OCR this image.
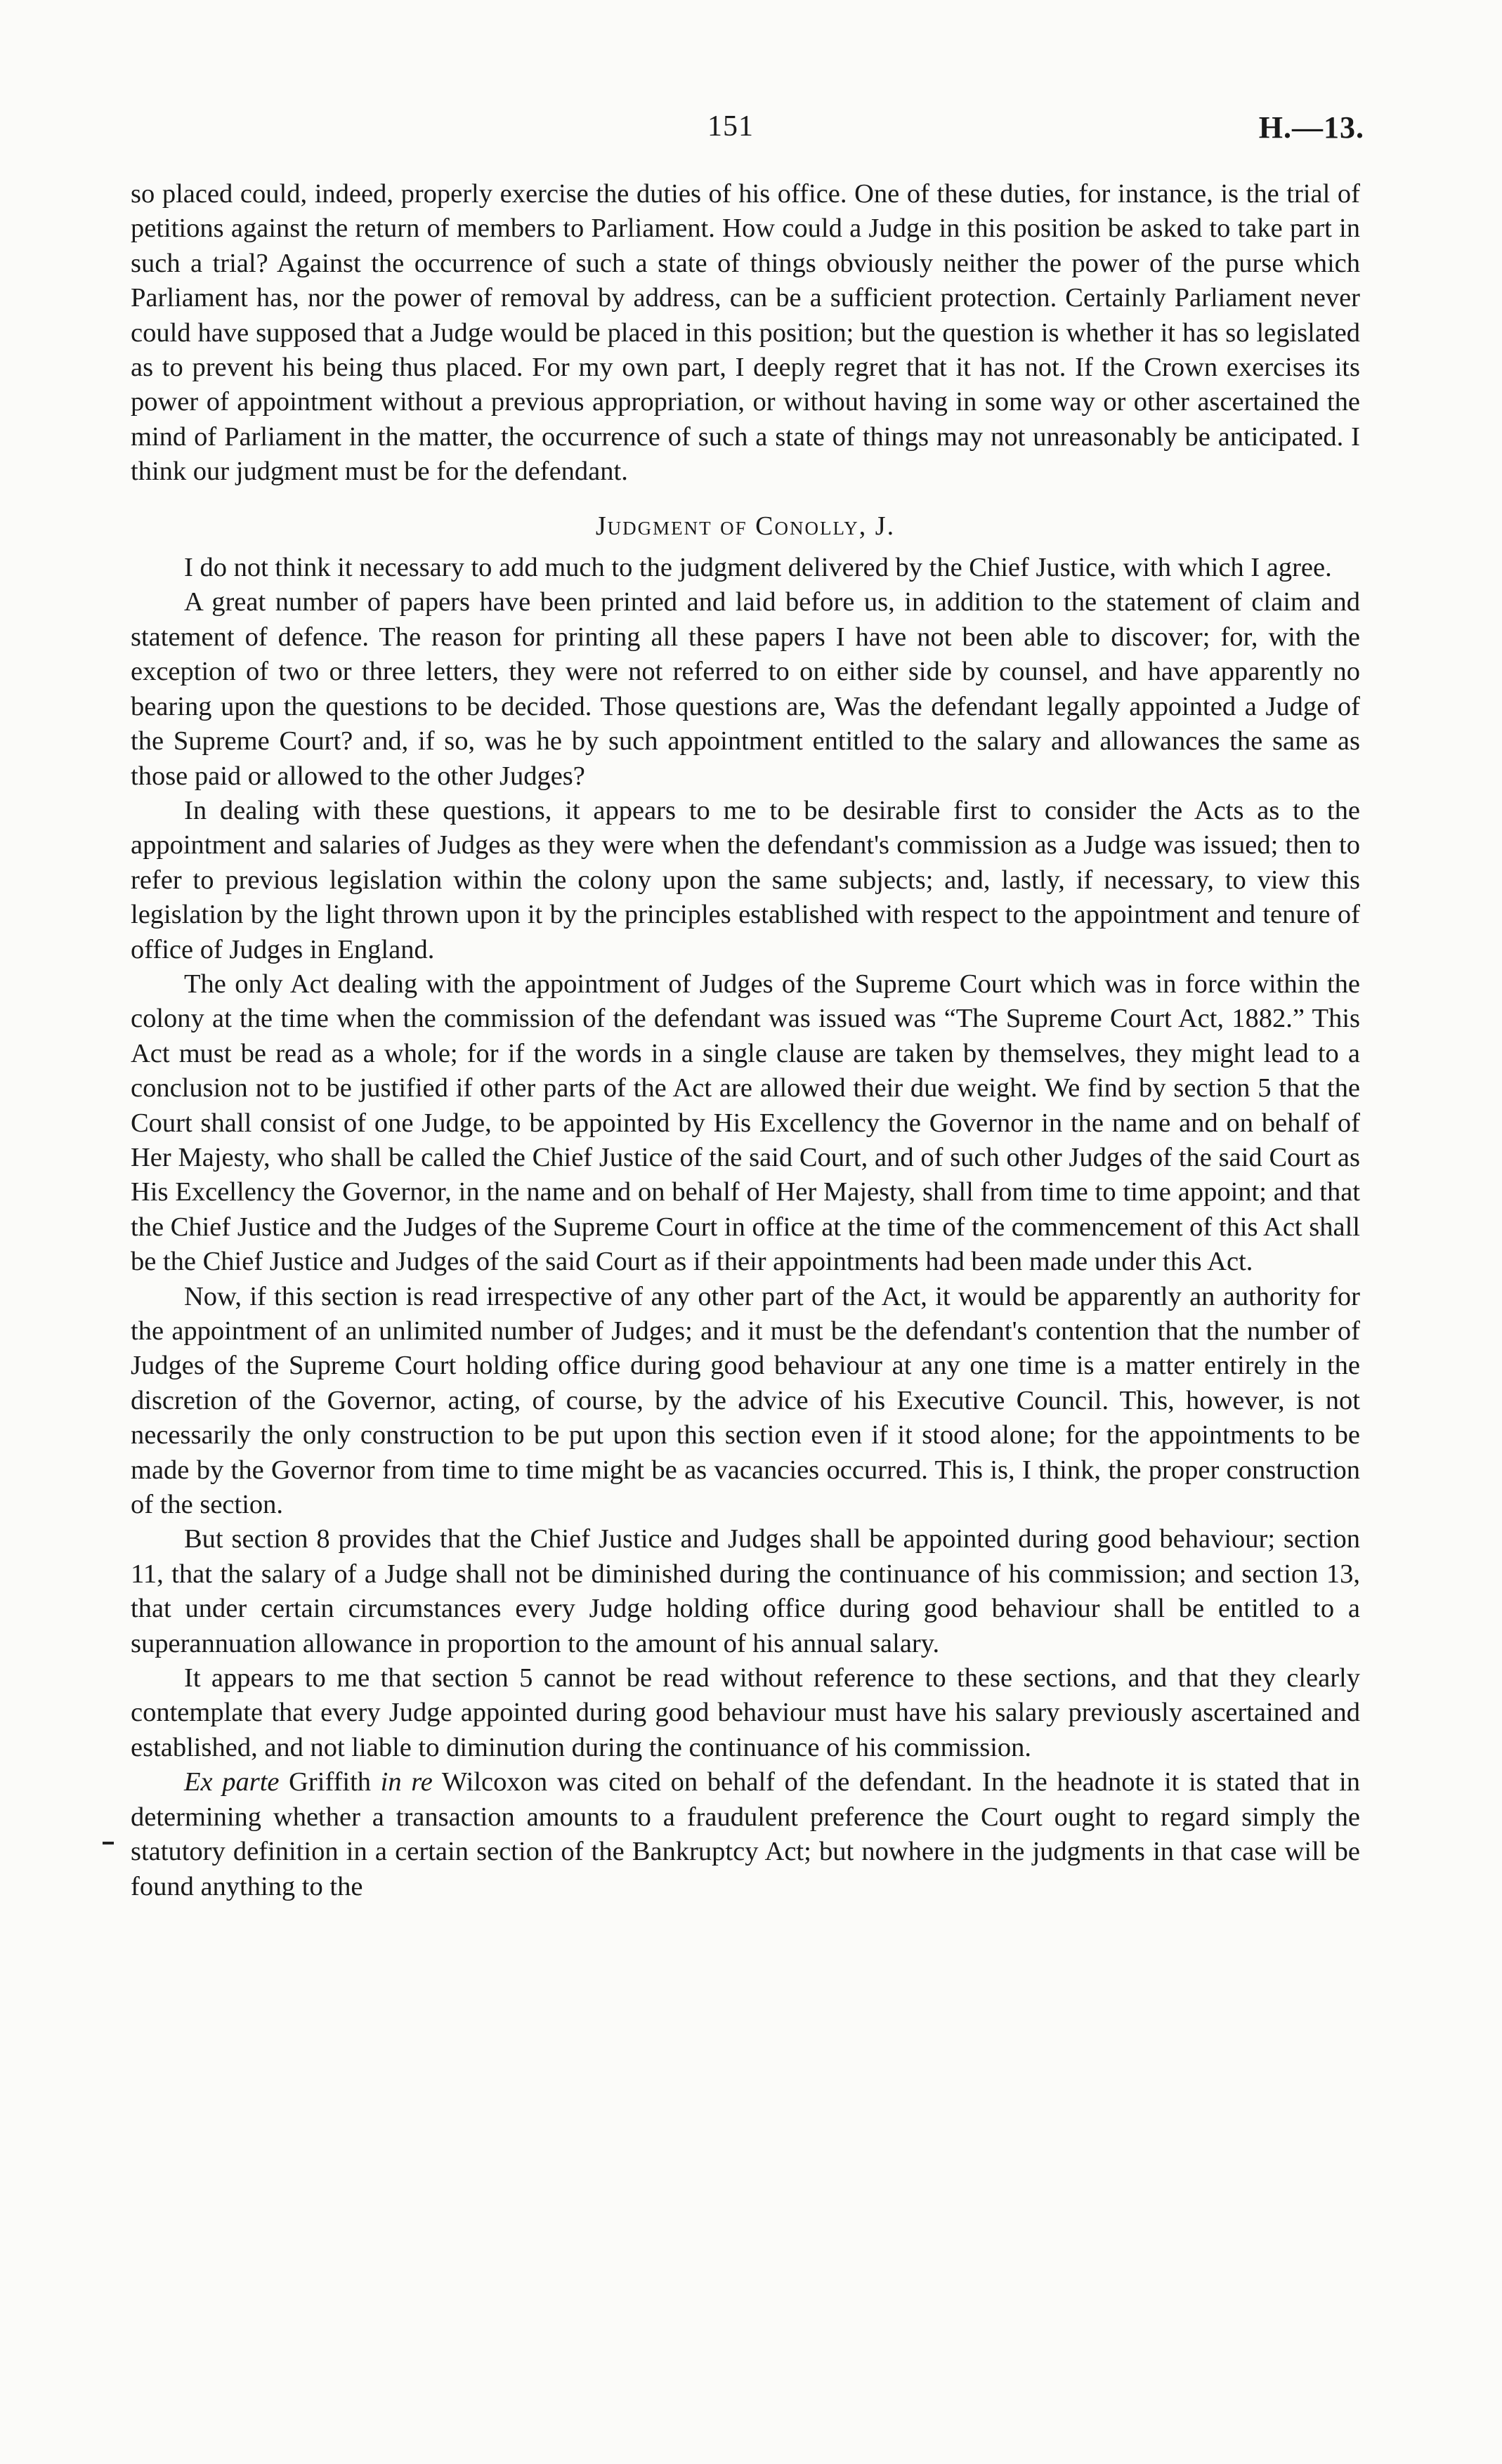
151	H.—13.

so placed could, indeed, properly exercise the duties of his office. One of these duties, for instance, is the trial of petitions against the return of members to Parliament. How could a Judge in this position be asked to take part in such a trial? Against the occurrence of such a state of things obviously neither the power of the purse which Parliament has, nor the power of removal by address, can be a sufficient protection. Certainly Parliament never could have supposed that a Judge would be placed in this position; but the question is whether it has so legislated as to prevent his being thus placed. For my own part, I deeply regret that it has not. If the Crown exercises its power of appointment without a previous appropriation, or without having in some way or other ascertained the mind of Parliament in the matter, the occurrence of such a state of things may not unreasonably be anticipated. I think our judgment must be for the defendant.

Judgment of Conolly, J.

I do not think it necessary to add much to the judgment delivered by the Chief Justice, with which I agree.

A great number of papers have been printed and laid before us, in addition to the statement of claim and statement of defence. The reason for printing all these papers I have not been able to discover; for, with the exception of two or three letters, they were not referred to on either side by counsel, and have apparently no bearing upon the questions to be decided. Those questions are, Was the defendant legally appointed a Judge of the Supreme Court? and, if so, was he by such appointment entitled to the salary and allowances the same as those paid or allowed to the other Judges?

In dealing with these questions, it appears to me to be desirable first to consider the Acts as to the appointment and salaries of Judges as they were when the defendant's commission as a Judge was issued; then to refer to previous legislation within the colony upon the same subjects; and, lastly, if necessary, to view this legislation by the light thrown upon it by the principles established with respect to the appointment and tenure of office of Judges in England.

The only Act dealing with the appointment of Judges of the Supreme Court which was in force within the colony at the time when the commission of the defendant was issued was “The Supreme Court Act, 1882.” This Act must be read as a whole; for if the words in a single clause are taken by themselves, they might lead to a conclusion not to be justified if other parts of the Act are allowed their due weight. We find by section 5 that the Court shall consist of one Judge, to be appointed by His Excellency the Governor in the name and on behalf of Her Majesty, who shall be called the Chief Justice of the said Court, and of such other Judges of the said Court as His Excellency the Governor, in the name and on behalf of Her Majesty, shall from time to time appoint; and that the Chief Justice and the Judges of the Supreme Court in office at the time of the commencement of this Act shall be the Chief Justice and Judges of the said Court as if their appointments had been made under this Act.

Now, if this section is read irrespective of any other part of the Act, it would be apparently an authority for the appointment of an unlimited number of Judges; and it must be the defendant's contention that the number of Judges of the Supreme Court holding office during good behaviour at any one time is a matter entirely in the discretion of the Governor, acting, of course, by the advice of his Executive Council. This, however, is not necessarily the only construction to be put upon this section even if it stood alone; for the appointments to be made by the Governor from time to time might be as vacancies occurred. This is, I think, the proper construction of the section.

But section 8 provides that the Chief Justice and Judges shall be appointed during good behaviour; section 11, that the salary of a Judge shall not be diminished during the continuance of his commission; and section 13, that under certain circumstances every Judge holding office during good behaviour shall be entitled to a superannuation allowance in proportion to the amount of his annual salary.

It appears to me that section 5 cannot be read without reference to these sections, and that they clearly contemplate that every Judge appointed during good behaviour must have his salary previously ascertained and established, and not liable to diminution during the continuance of his commission.

Ex parte Griffith in re Wilcoxon was cited on behalf of the defendant. In the headnote it is stated that in determining whether a transaction amounts to a fraudulent preference the Court ought to regard simply the statutory definition in a certain section of the Bankruptcy Act; but nowhere in the judgments in that case will be found anything to the
